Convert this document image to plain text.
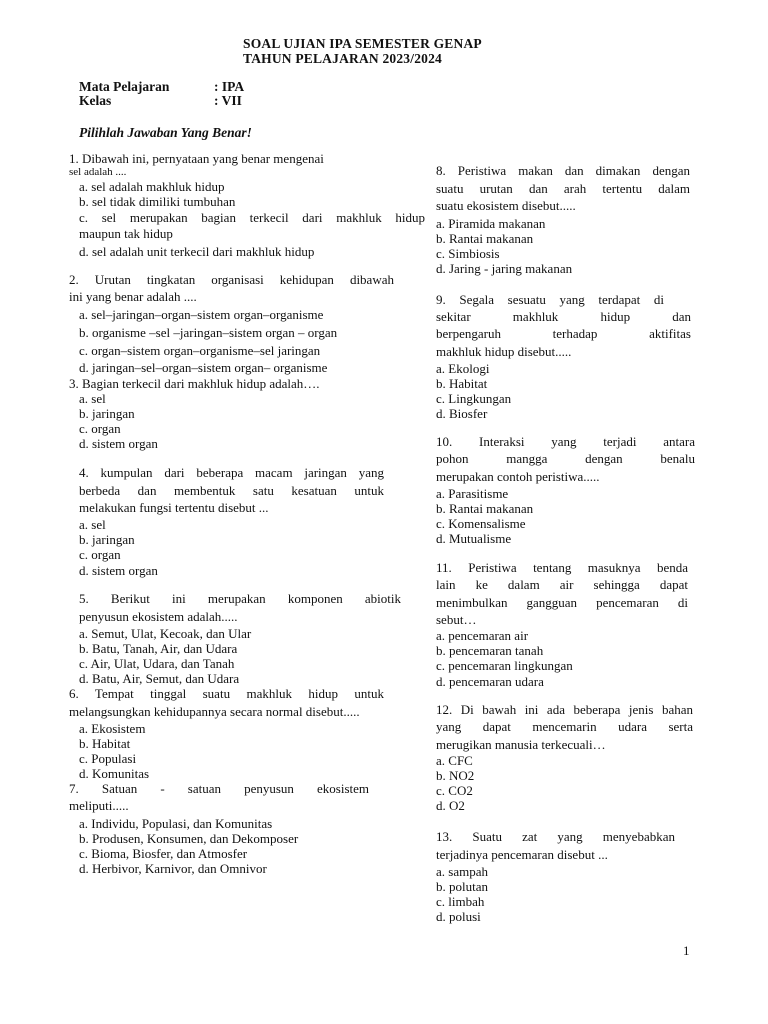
SOAL UJIAN IPA SEMESTER GENAP
TAHUN PELAJARAN 2023/2024
Mata Pelajaran	: IPA
Kelas	: VII
Pilihlah Jawaban Yang Benar!
1. Dibawah ini, pernyataan yang benar mengenai
sel adalah ....
a. sel adalah makhluk hidup
b. sel tidak dimiliki tumbuhan
c. sel merupakan bagian terkecil dari makhluk hidup
maupun tak hidup
d. sel adalah unit terkecil dari makhluk hidup
2. Urutan tingkatan organisasi kehidupan dibawah
ini yang benar adalah ....
a. sel–jaringan–organ–sistem organ–organisme
b. organisme –sel –jaringan–sistem organ – organ
c. organ–sistem organ–organisme–sel jaringan
d. jaringan–sel–organ–sistem organ– organisme
3. Bagian terkecil dari makhluk hidup adalah….
a. sel
b. jaringan
c. organ
d. sistem organ
4. kumpulan dari beberapa macam jaringan yang
berbeda dan membentuk satu kesatuan untuk
melakukan fungsi tertentu disebut ...
a. sel
b. jaringan
c. organ
d. sistem organ
5. Berikut ini merupakan komponen abiotik
penyusun ekosistem adalah.....
a. Semut, Ulat, Kecoak, dan Ular
b. Batu, Tanah, Air, dan Udara
c. Air, Ulat, Udara, dan Tanah
d. Batu, Air, Semut, dan Udara
6. Tempat tinggal suatu makhluk hidup untuk
melangsungkan kehidupannya secara normal disebut.....
a. Ekosistem
b. Habitat
c. Populasi
d. Komunitas
7. Satuan - satuan penyusun ekosistem
meliputi.....
a. Individu, Populasi, dan Komunitas
b. Produsen, Konsumen, dan Dekomposer
c. Bioma, Biosfer, dan Atmosfer
d. Herbivor, Karnivor, dan Omnivor
8. Peristiwa makan dan dimakan dengan
suatu urutan dan arah tertentu dalam
suatu ekosistem disebut.....
a. Piramida makanan
b. Rantai makanan
c. Simbiosis
d. Jaring - jaring makanan
9. Segala sesuatu yang terdapat di
sekitar makhluk hidup dan
berpengaruh terhadap aktifitas
makhluk hidup disebut.....
a. Ekologi
b. Habitat
c. Lingkungan
d. Biosfer
10. Interaksi yang terjadi antara
pohon mangga dengan benalu
merupakan contoh peristiwa.....
a. Parasitisme
b. Rantai makanan
c. Komensalisme
d. Mutualisme
11. Peristiwa tentang masuknya benda
lain ke dalam air sehingga dapat
menimbulkan gangguan pencemaran di
sebut…
a. pencemaran air
b. pencemaran tanah
c. pencemaran lingkungan
d. pencemaran udara
12. Di bawah ini ada beberapa jenis bahan
yang dapat mencemarin udara serta
merugikan manusia terkecuali…
a. CFC
b. NO2
c. CO2
d. O2
13. Suatu zat yang menyebabkan
terjadinya pencemaran disebut ...
a. sampah
b. polutan
c. limbah
d. polusi
1
